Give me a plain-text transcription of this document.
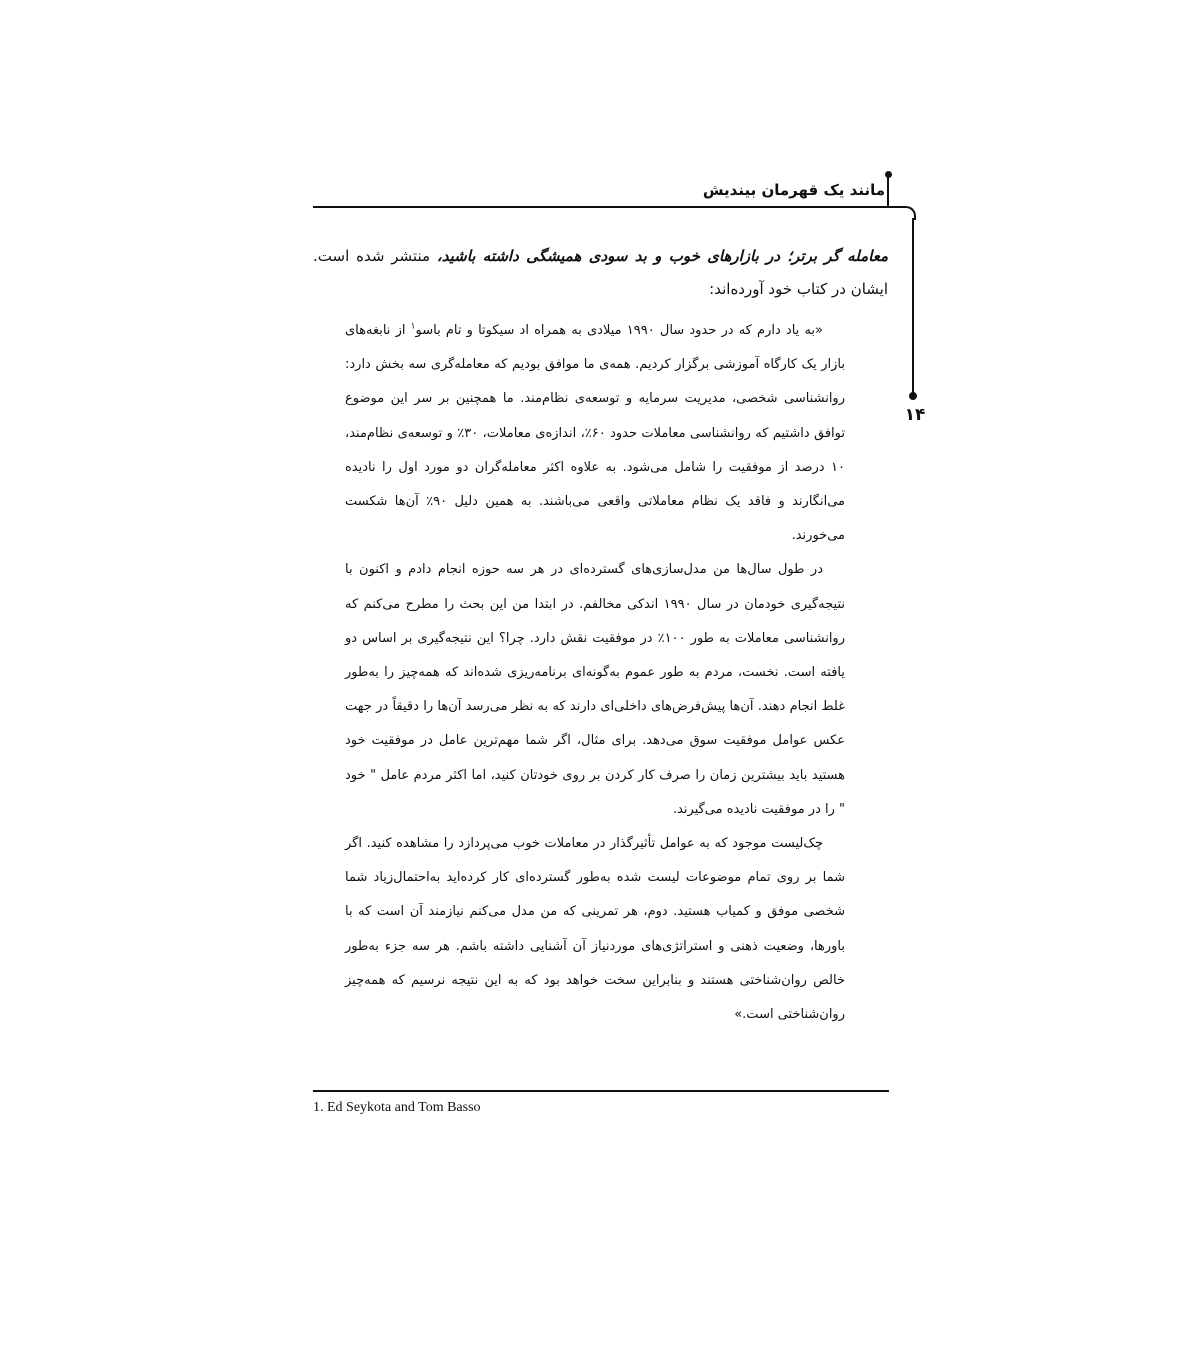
مانند یک قهرمان بیندیش
۱۴
معامله گر برتر؛ در بازارهای خوب و بد سودی همیشگی داشته باشید، منتشر شده است.
ایشان در کتاب خود آورده‌اند:

«به یاد دارم که در حدود سال ۱۹۹۰ میلادی به همراه اد سیکوتا و تام باسو$^۱$ از نابغه‌های بازار یک کارگاه آموزشی برگزار کردیم. همه‌ی ما موافق بودیم که معامله‌گری سه بخش دارد: روانشناسی شخصی، مدیریت سرمایه و توسعه‌ی نظام‌مند. ما همچنین بر سر این موضوع توافق داشتیم که روانشناسی معاملات حدود ۶۰٪، اندازه‌ی معاملات، ۳۰٪ و توسعه‌ی نظام‌مند، ۱۰ درصد از موفقیت را شامل می‌شود. به علاوه اکثر معامله‌گران دو مورد اول را نادیده می‌انگارند و فاقد یک نظام معاملاتی واقعی می‌باشند. به همین دلیل ۹۰٪ آن‌ها شکست می‌خورند.

در طول سال‌ها من مدل‌سازی‌های گسترده‌ای در هر سه حوزه انجام دادم و اکنون با نتیجه‌گیری خودمان در سال ۱۹۹۰ اندکی مخالفم. در ابتدا من این بحث را مطرح می‌کنم که روانشناسی معاملات به طور ۱۰۰٪ در موفقیت نقش دارد. چرا؟ این نتیجه‌گیری بر اساس دو یافته است. نخست، مردم به طور عموم به‌گونه‌ای برنامه‌ریزی شده‌اند که همه‌چیز را به‌طور غلط انجام دهند. آن‌ها پیش‌فرض‌های داخلی‌ای دارند که به نظر می‌رسد آن‌ها را دقیقاً در جهت عکس عوامل موفقیت سوق می‌دهد. برای مثال، اگر شما مهم‌ترین عامل در موفقیت خود هستید باید بیشترین زمان را صرف کار کردن بر روی خودتان کنید، اما اکثر مردم عامل " خود " را در موفقیت نادیده می‌گیرند.

چک‌لیست موجود که به عوامل تأثیرگذار در معاملات خوب می‌پردازد را مشاهده کنید. اگر شما بر روی تمام موضوعات لیست شده به‌طور گسترده‌ای کار کرده‌اید به‌احتمال‌زیاد شما شخصی موفق و کمیاب هستید. دوم، هر تمرینی که من مدل می‌کنم نیازمند آن است که با باورها، وضعیت ذهنی و استراتژی‌های موردنیاز آن آشنایی داشته باشم. هر سه جزء به‌طور خالص روان‌شناختی هستند و بنابراین سخت خواهد بود که به این نتیجه نرسیم که همه‌چیز روان‌شناختی است.»

1. Ed Seykota and Tom Basso
